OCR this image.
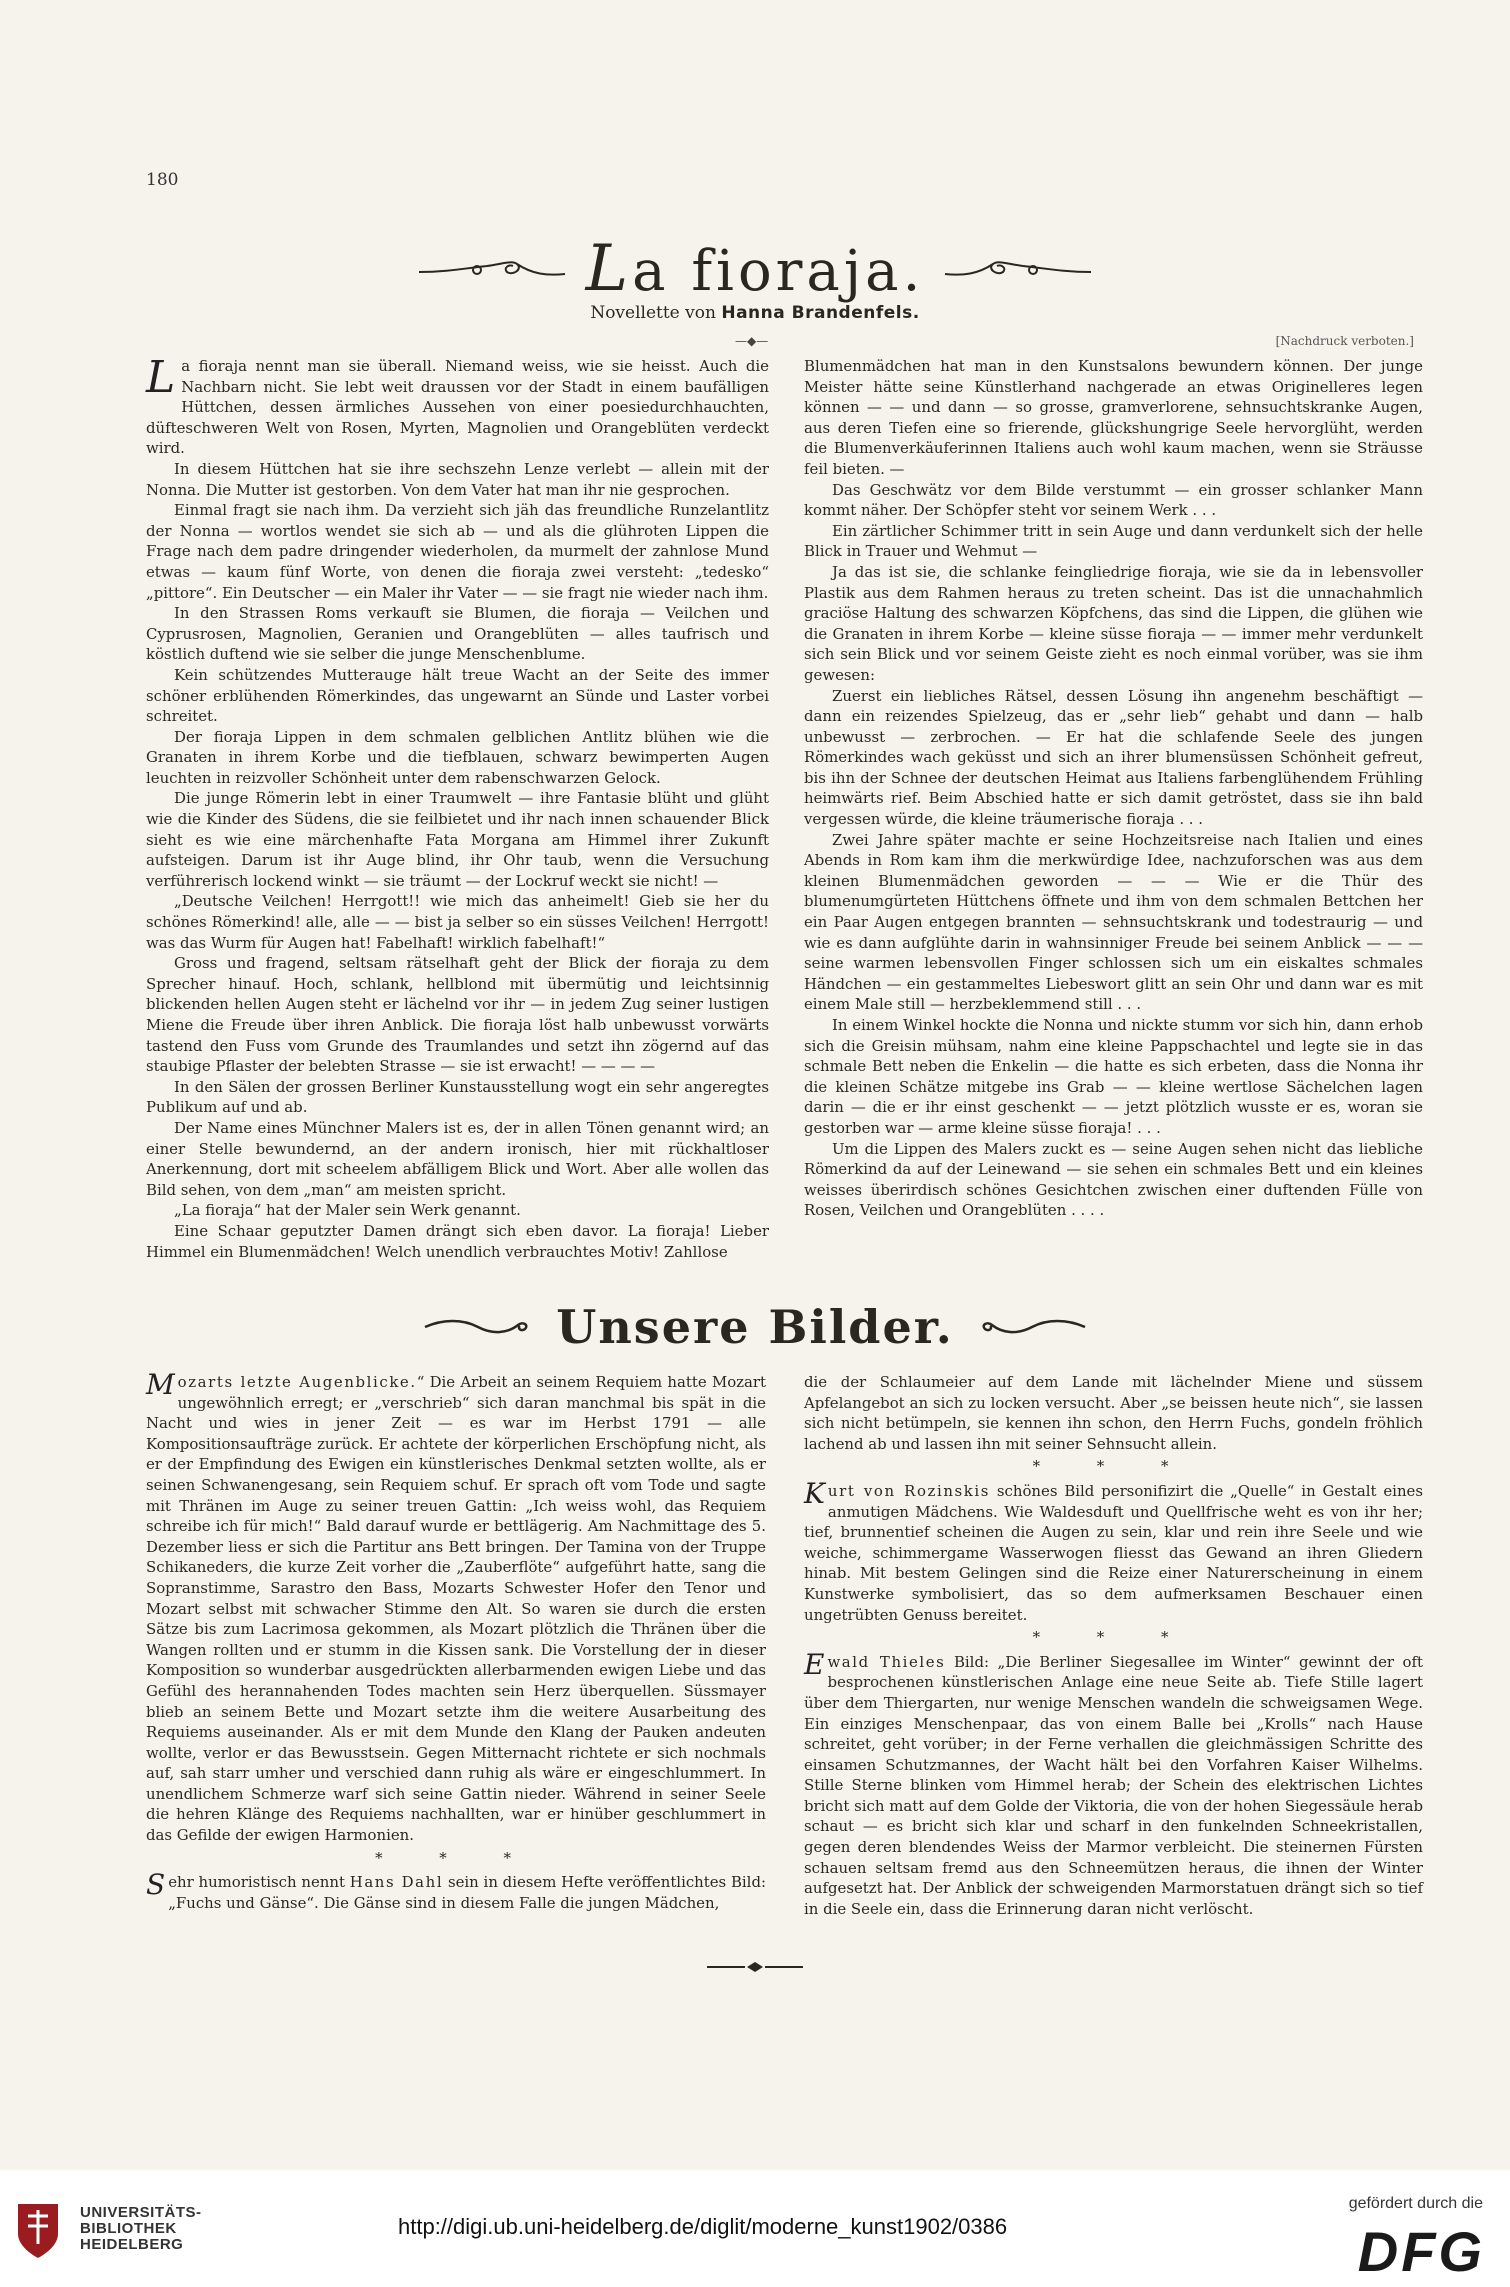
180
La fioraja.
Novellette von Hanna Brandenfels.
—◆—	[Nachdruck verboten.]

La fioraja nennt man sie überall. Niemand weiss, wie sie heisst. Auch die Nachbarn nicht. Sie lebt weit draussen vor der Stadt in einem baufälligen Hüttchen, dessen ärmliches Aussehen von einer poesiedurchhauchten, düfteschweren Welt von Rosen, Myrten, Magnolien und Orangeblüten verdeckt wird.

In diesem Hüttchen hat sie ihre sechszehn Lenze verlebt — allein mit der Nonna. Die Mutter ist gestorben. Von dem Vater hat man ihr nie gesprochen.

Einmal fragt sie nach ihm. Da verzieht sich jäh das freundliche Runzelantlitz der Nonna — wortlos wendet sie sich ab — und als die glühroten Lippen die Frage nach dem padre dringender wiederholen, da murmelt der zahnlose Mund etwas — kaum fünf Worte, von denen die fioraja zwei versteht: „tedesko“ „pittore“. Ein Deutscher — ein Maler ihr Vater — — sie fragt nie wieder nach ihm.

In den Strassen Roms verkauft sie Blumen, die fioraja — Veilchen und Cyprusrosen, Magnolien, Geranien und Orangeblüten — alles taufrisch und köstlich duftend wie sie selber die junge Menschenblume.

Kein schützendes Mutterauge hält treue Wacht an der Seite des immer schöner erblühenden Römerkindes, das ungewarnt an Sünde und Laster vorbei schreitet.

Der fioraja Lippen in dem schmalen gelblichen Antlitz blühen wie die Granaten in ihrem Korbe und die tiefblauen, schwarz bewimperten Augen leuchten in reizvoller Schönheit unter dem rabenschwarzen Gelock.

Die junge Römerin lebt in einer Traumwelt — ihre Fantasie blüht und glüht wie die Kinder des Südens, die sie feilbietet und ihr nach innen schauender Blick sieht es wie eine märchenhafte Fata Morgana am Himmel ihrer Zukunft aufsteigen. Darum ist ihr Auge blind, ihr Ohr taub, wenn die Versuchung verführerisch lockend winkt — sie träumt — der Lockruf weckt sie nicht! —

„Deutsche Veilchen! Herrgott!! wie mich das anheimelt! Gieb sie her du schönes Römerkind! alle, alle — — bist ja selber so ein süsses Veilchen! Herrgott! was das Wurm für Augen hat! Fabelhaft! wirklich fabelhaft!“

Gross und fragend, seltsam rätselhaft geht der Blick der fioraja zu dem Sprecher hinauf. Hoch, schlank, hellblond mit übermütig und leichtsinnig blickenden hellen Augen steht er lächelnd vor ihr — in jedem Zug seiner lustigen Miene die Freude über ihren Anblick. Die fioraja löst halb unbewusst vorwärts tastend den Fuss vom Grunde des Traumlandes und setzt ihn zögernd auf das staubige Pflaster der belebten Strasse — sie ist erwacht! — — — —

In den Sälen der grossen Berliner Kunstausstellung wogt ein sehr angeregtes Publikum auf und ab.

Der Name eines Münchner Malers ist es, der in allen Tönen genannt wird; an einer Stelle bewundernd, an der andern ironisch, hier mit rückhaltloser Anerkennung, dort mit scheelem abfälligem Blick und Wort. Aber alle wollen das Bild sehen, von dem „man“ am meisten spricht.

„La fioraja“ hat der Maler sein Werk genannt.

Eine Schaar geputzter Damen drängt sich eben davor. La fioraja! Lieber Himmel ein Blumenmädchen! Welch unendlich verbrauchtes Motiv! Zahllose

Blumenmädchen hat man in den Kunstsalons bewundern können. Der junge Meister hätte seine Künstlerhand nachgerade an etwas Originelleres legen können — — und dann — so grosse, gramverlorene, sehnsuchtskranke Augen, aus deren Tiefen eine so frierende, glückshungrige Seele hervorglüht, werden die Blumenverkäuferinnen Italiens auch wohl kaum machen, wenn sie Sträusse feil bieten. —

Das Geschwätz vor dem Bilde verstummt — ein grosser schlanker Mann kommt näher. Der Schöpfer steht vor seinem Werk . . .

Ein zärtlicher Schimmer tritt in sein Auge und dann verdunkelt sich der helle Blick in Trauer und Wehmut —

Ja das ist sie, die schlanke feingliedrige fioraja, wie sie da in lebensvoller Plastik aus dem Rahmen heraus zu treten scheint. Das ist die unnachahmlich graciöse Haltung des schwarzen Köpfchens, das sind die Lippen, die glühen wie die Granaten in ihrem Korbe — kleine süsse fioraja — — immer mehr verdunkelt sich sein Blick und vor seinem Geiste zieht es noch einmal vorüber, was sie ihm gewesen:

Zuerst ein liebliches Rätsel, dessen Lösung ihn angenehm beschäftigt — dann ein reizendes Spielzeug, das er „sehr lieb“ gehabt und dann — halb unbewusst — zerbrochen. — Er hat die schlafende Seele des jungen Römerkindes wach geküsst und sich an ihrer blumensüssen Schönheit gefreut, bis ihn der Schnee der deutschen Heimat aus Italiens farbenglühendem Frühling heimwärts rief. Beim Abschied hatte er sich damit getröstet, dass sie ihn bald vergessen würde, die kleine träumerische fioraja . . .

Zwei Jahre später machte er seine Hochzeitsreise nach Italien und eines Abends in Rom kam ihm die merkwürdige Idee, nachzuforschen was aus dem kleinen Blumenmädchen geworden — — — Wie er die Thür des blumenumgürteten Hüttchens öffnete und ihm von dem schmalen Bettchen her ein Paar Augen entgegen brannten — sehnsuchtskrank und todestraurig — und wie es dann aufglühte darin in wahnsinniger Freude bei seinem Anblick — — — seine warmen lebensvollen Finger schlossen sich um ein eiskaltes schmales Händchen — ein gestammeltes Liebeswort glitt an sein Ohr und dann war es mit einem Male still — herzbeklemmend still . . .

In einem Winkel hockte die Nonna und nickte stumm vor sich hin, dann erhob sich die Greisin mühsam, nahm eine kleine Pappschachtel und legte sie in das schmale Bett neben die Enkelin — die hatte es sich erbeten, dass die Nonna ihr die kleinen Schätze mitgebe ins Grab — — kleine wertlose Sächelchen lagen darin — die er ihr einst geschenkt — — jetzt plötzlich wusste er es, woran sie gestorben war — arme kleine süsse fioraja! . . .

Um die Lippen des Malers zuckt es — seine Augen sehen nicht das liebliche Römerkind da auf der Leinewand — sie sehen ein schmales Bett und ein kleines weisses überirdisch schönes Gesichtchen zwischen einer duftenden Fülle von Rosen, Veilchen und Orangeblüten . . . .

Unsere Bilder.

Mozarts letzte Augenblicke.“ Die Arbeit an seinem Requiem hatte Mozart ungewöhnlich erregt; er „verschrieb“ sich daran manchmal bis spät in die Nacht und wies in jener Zeit — es war im Herbst 1791 — alle Kompositionsaufträge zurück. Er achtete der körperlichen Erschöpfung nicht, als er der Empfindung des Ewigen ein künstlerisches Denkmal setzten wollte, als er seinen Schwanengesang, sein Requiem schuf. Er sprach oft vom Tode und sagte mit Thränen im Auge zu seiner treuen Gattin: „Ich weiss wohl, das Requiem schreibe ich für mich!“ Bald darauf wurde er bettlägerig. Am Nachmittage des 5. Dezember liess er sich die Partitur ans Bett bringen. Der Tamina von der Truppe Schikaneders, die kurze Zeit vorher die „Zauberflöte“ aufgeführt hatte, sang die Sopranstimme, Sarastro den Bass, Mozarts Schwester Hofer den Tenor und Mozart selbst mit schwacher Stimme den Alt. So waren sie durch die ersten Sätze bis zum Lacrimosa gekommen, als Mozart plötzlich die Thränen über die Wangen rollten und er stumm in die Kissen sank. Die Vorstellung der in dieser Komposition so wunderbar ausgedrückten allerbarmenden ewigen Liebe und das Gefühl des herannahenden Todes machten sein Herz überquellen. Süssmayer blieb an seinem Bette und Mozart setzte ihm die weitere Ausarbeitung des Requiems auseinander. Als er mit dem Munde den Klang der Pauken andeuten wollte, verlor er das Bewusstsein. Gegen Mitternacht richtete er sich nochmals auf, sah starr umher und verschied dann ruhig als wäre er eingeschlummert. In unendlichem Schmerze warf sich seine Gattin nieder. Während in seiner Seele die hehren Klänge des Requiems nachhallten, war er hinüber geschlummert in das Gefilde der ewigen Harmonien.

* * *

Sehr humoristisch nennt Hans Dahl sein in diesem Hefte veröffentlichtes Bild: „Fuchs und Gänse“. Die Gänse sind in diesem Falle die jungen Mädchen,

die der Schlaumeier auf dem Lande mit lächelnder Miene und süssem Apfelangebot an sich zu locken versucht. Aber „se beissen heute nich“, sie lassen sich nicht betümpeln, sie kennen ihn schon, den Herrn Fuchs, gondeln fröhlich lachend ab und lassen ihn mit seiner Sehnsucht allein.

* * *

Kurt von Rozinskis schönes Bild personifizirt die „Quelle“ in Gestalt eines anmutigen Mädchens. Wie Waldesduft und Quellfrische weht es von ihr her; tief, brunnentief scheinen die Augen zu sein, klar und rein ihre Seele und wie weiche, schimmergame Wasserwogen fliesst das Gewand an ihren Gliedern hinab. Mit bestem Gelingen sind die Reize einer Naturerscheinung in einem Kunstwerke symbolisiert, das so dem aufmerksamen Beschauer einen ungetrübten Genuss bereitet.

* * *

Ewald Thieles Bild: „Die Berliner Siegesallee im Winter“ gewinnt der oft besprochenen künstlerischen Anlage eine neue Seite ab. Tiefe Stille lagert über dem Thiergarten, nur wenige Menschen wandeln die schweigsamen Wege. Ein einziges Menschenpaar, das von einem Balle bei „Krolls“ nach Hause schreitet, geht vorüber; in der Ferne verhallen die gleichmässigen Schritte des einsamen Schutzmannes, der Wacht hält bei den Vorfahren Kaiser Wilhelms. Stille Sterne blinken vom Himmel herab; der Schein des elektrischen Lichtes bricht sich matt auf dem Golde der Viktoria, die von der hohen Siegessäule herab schaut — es bricht sich klar und scharf in den funkelnden Schneekristallen, gegen deren blendendes Weiss der Marmor verbleicht. Die steinernen Fürsten schauen seltsam fremd aus den Schneemützen heraus, die ihnen der Winter aufgesetzt hat. Der Anblick der schweigenden Marmorstatuen drängt sich so tief in die Seele ein, dass die Erinnerung daran nicht verlöscht.

UNIVERSITÄTS-
BIBLIOTHEK
HEIDELBERG
http://digi.ub.uni-heidelberg.de/diglit/moderne_kunst1902/0386
gefördert durch die
DFG
